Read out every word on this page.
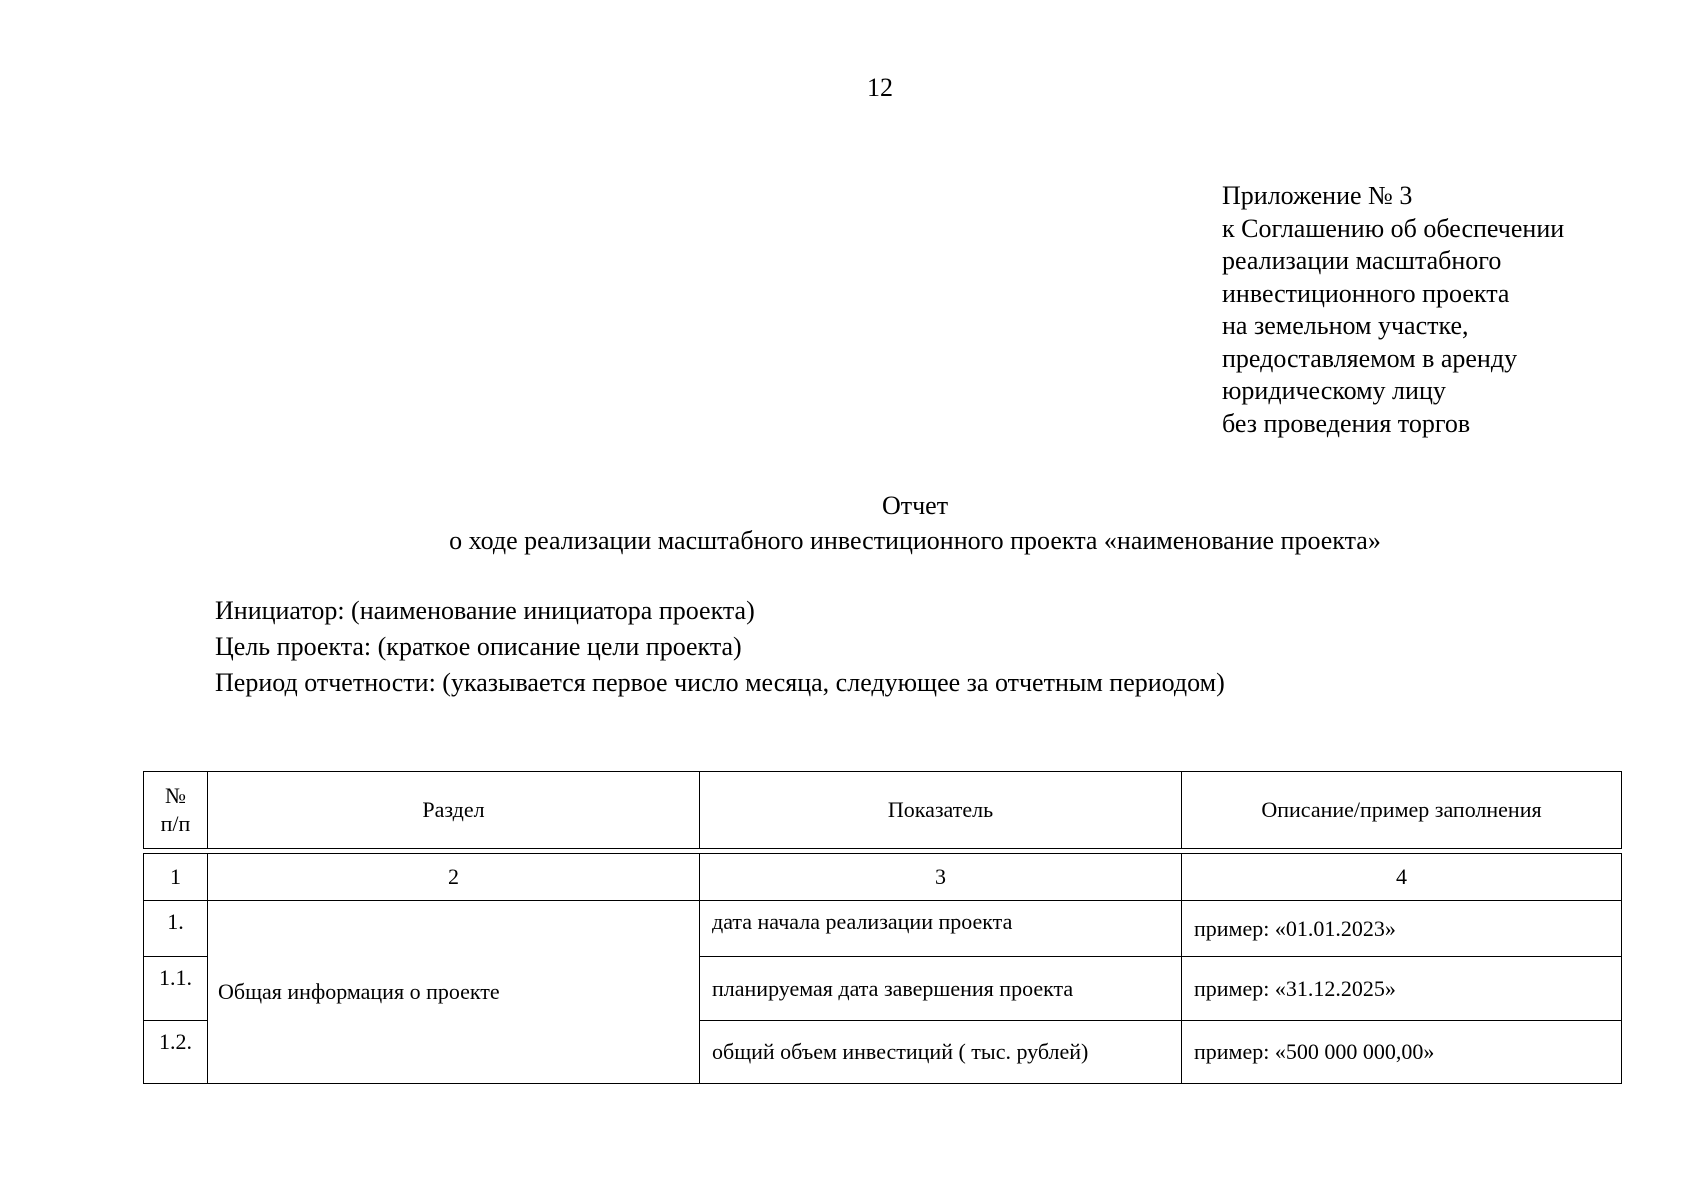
12
Приложение № 3
к Соглашению об обеспечении
реализации масштабного
инвестиционного проекта
на земельном участке,
предоставляемом в аренду
юридическому лицу
без проведения торгов
Отчет
о ходе реализации масштабного инвестиционного проекта «наименование проекта»
Инициатор: (наименование инициатора проекта)
Цель проекта: (краткое описание цели проекта)
Период отчетности: (указывается первое число месяца, следующее за отчетным периодом)
№
п/п	Раздел	Показатель	Описание/пример заполнения
1	2	3	4
1.	Общая информация о проекте	дата начала реализации проекта	пример: «01.01.2023»
1.1.		планируемая дата завершения проекта	пример: «31.12.2025»
1.2.		общий объем инвестиций ( тыс. рублей)	пример: «500 000 000,00»
